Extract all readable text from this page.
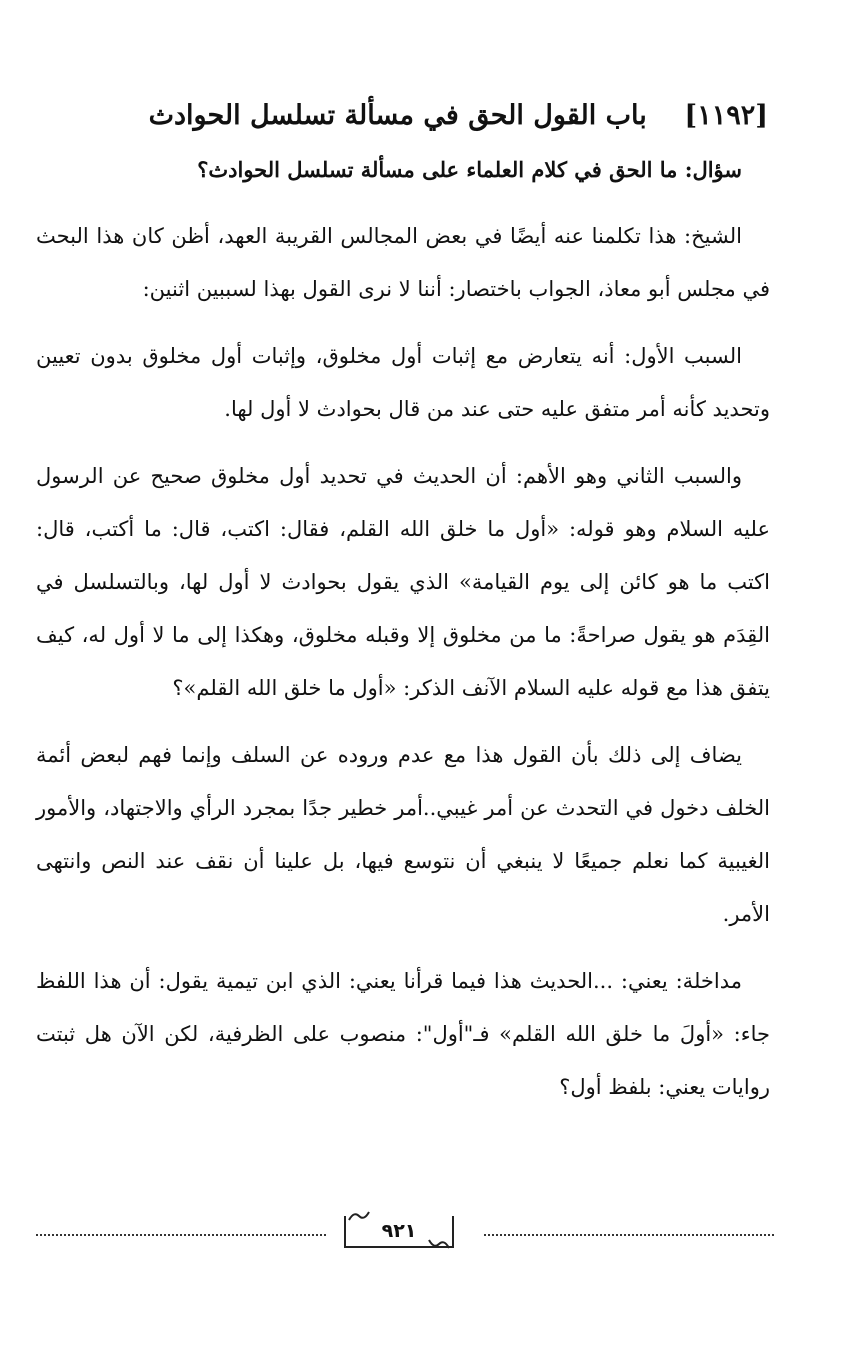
[١١٩٢]    باب القول الحق في مسألة تسلسل الحوادث
سؤال: ما الحق في كلام العلماء على مسألة تسلسل الحوادث؟

الشيخ: هذا تكلمنا عنه أيضًا في بعض المجالس القريبة العهد، أظن كان هذا البحث في مجلس أبو معاذ، الجواب باختصار: أننا لا نرى القول بهذا لسببين اثنين:

السبب الأول: أنه يتعارض مع إثبات أول مخلوق، وإثبات أول مخلوق بدون تعيين وتحديد كأنه أمر متفق عليه حتى عند من قال بحوادث لا أول لها.

والسبب الثاني وهو الأهم: أن الحديث في تحديد أول مخلوق صحيح عن الرسول عليه السلام وهو قوله: «أول ما خلق الله القلم، فقال: اكتب، قال: ما أكتب، قال: اكتب ما هو كائن إلى يوم القيامة» الذي يقول بحوادث لا أول لها، وبالتسلسل في القِدَم هو يقول صراحةً: ما من مخلوق إلا وقبله مخلوق، وهكذا إلى ما لا أول له، كيف يتفق هذا مع قوله عليه السلام الآنف الذكر: «أول ما خلق الله القلم»؟

يضاف إلى ذلك بأن القول هذا مع عدم وروده عن السلف وإنما فهم لبعض أئمة الخلف دخول في التحدث عن أمر غيبي..أمر خطير جدًا بمجرد الرأي والاجتهاد، والأمور الغيبية كما نعلم جميعًا لا ينبغي أن نتوسع فيها، بل علينا أن نقف عند النص وانتهى الأمر.

مداخلة: يعني: ...الحديث هذا فيما قرأنا يعني: الذي ابن تيمية يقول: أن هذا اللفظ جاء: «أولَ ما خلق الله القلم» فـ"أول": منصوب على الظرفية، لكن الآن هل ثبتت روايات يعني: بلفظ أول؟

٩٢١
